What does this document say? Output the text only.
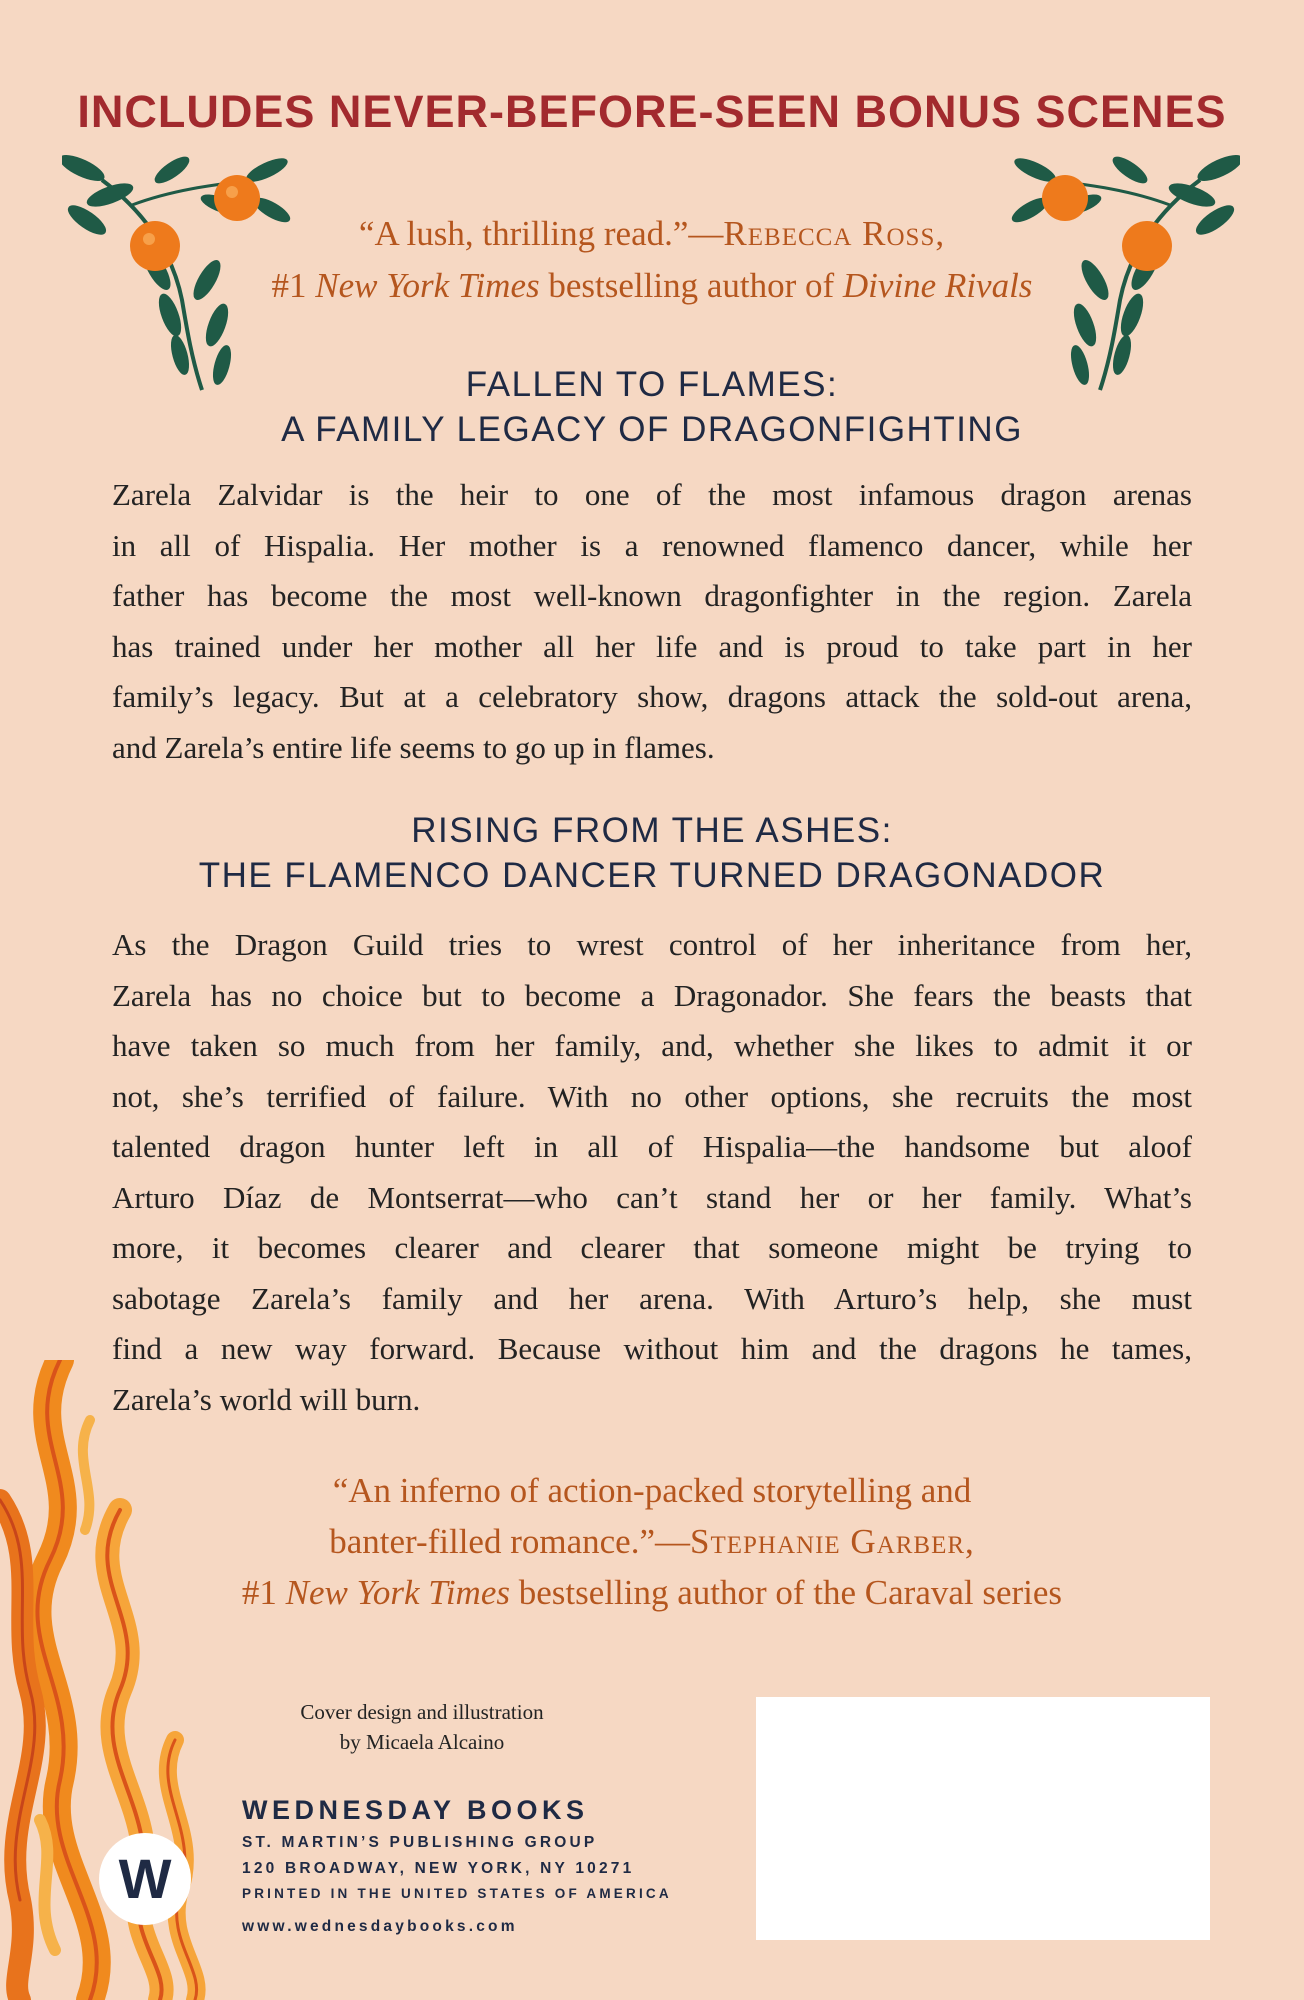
INCLUDES NEVER-BEFORE-SEEN BONUS SCENES
“A lush, thrilling read.”—Rebecca Ross,
#1 New York Times bestselling author of Divine Rivals
FALLEN TO FLAMES:
A FAMILY LEGACY OF DRAGONFIGHTING
Zarela Zalvidar is the heir to one of the most infamous dragon arenas
in all of Hispalia. Her mother is a renowned flamenco dancer, while her
father has become the most well-known dragonfighter in the region. Zarela
has trained under her mother all her life and is proud to take part in her
family’s legacy. But at a celebratory show, dragons attack the sold-out arena,
and Zarela’s entire life seems to go up in flames.
RISING FROM THE ASHES:
THE FLAMENCO DANCER TURNED DRAGONADOR
As the Dragon Guild tries to wrest control of her inheritance from her,
Zarela has no choice but to become a Dragonador. She fears the beasts that
have taken so much from her family, and, whether she likes to admit it or
not, she’s terrified of failure. With no other options, she recruits the most
talented dragon hunter left in all of Hispalia—the handsome but aloof
Arturo Díaz de Montserrat—who can’t stand her or her family. What’s
more, it becomes clearer and clearer that someone might be trying to
sabotage Zarela’s family and her arena. With Arturo’s help, she must
find a new way forward. Because without him and the dragons he tames,
Zarela’s world will burn.
“An inferno of action-packed storytelling and
banter-filled romance.”—Stephanie Garber,
#1 New York Times bestselling author of the Caraval series
Cover design and illustration
by Micaela Alcaino
W
WEDNESDAY BOOKS
ST. MARTIN’S PUBLISHING GROUP
120 BROADWAY, NEW YORK, NY 10271
PRINTED IN THE UNITED STATES OF AMERICA
www.wednesdaybooks.com
